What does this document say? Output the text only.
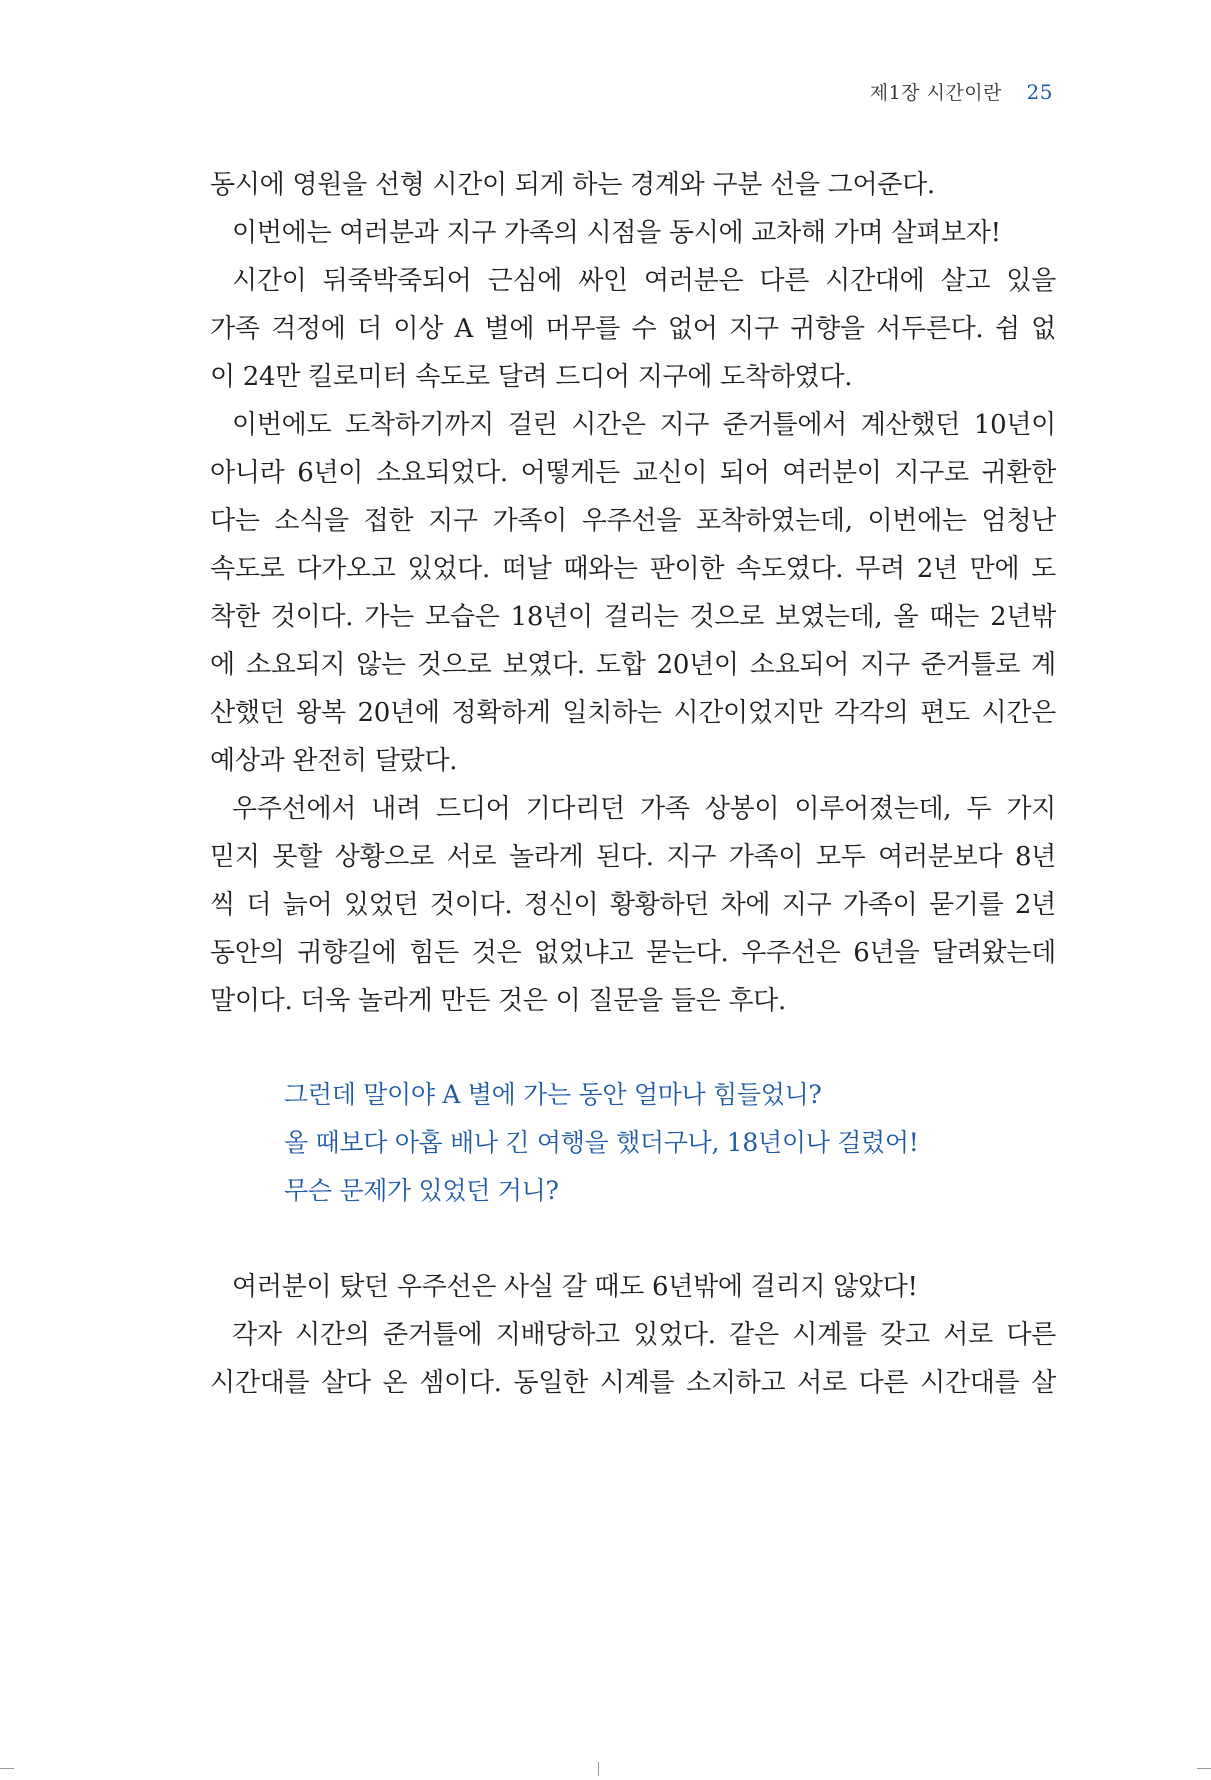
제1장 시간이란 25
동시에 영원을 선형 시간이 되게 하는 경계와 구분 선을 그어준다.
이번에는 여러분과 지구 가족의 시점을 동시에 교차해 가며 살펴보자!
시간이 뒤죽박죽되어 근심에 싸인 여러분은 다른 시간대에 살고 있을
가족 걱정에 더 이상 A 별에 머무를 수 없어 지구 귀향을 서두른다. 쉼 없
이 24만 킬로미터 속도로 달려 드디어 지구에 도착하였다.
이번에도 도착하기까지 걸린 시간은 지구 준거틀에서 계산했던 10년이
아니라 6년이 소요되었다. 어떻게든 교신이 되어 여러분이 지구로 귀환한
다는 소식을 접한 지구 가족이 우주선을 포착하였는데, 이번에는 엄청난
속도로 다가오고 있었다. 떠날 때와는 판이한 속도였다. 무려 2년 만에 도
착한 것이다. 가는 모습은 18년이 걸리는 것으로 보였는데, 올 때는 2년밖
에 소요되지 않는 것으로 보였다. 도합 20년이 소요되어 지구 준거틀로 계
산했던 왕복 20년에 정확하게 일치하는 시간이었지만 각각의 편도 시간은
예상과 완전히 달랐다.
우주선에서 내려 드디어 기다리던 가족 상봉이 이루어졌는데, 두 가지
믿지 못할 상황으로 서로 놀라게 된다. 지구 가족이 모두 여러분보다 8년
씩 더 늙어 있었던 것이다. 정신이 황황하던 차에 지구 가족이 묻기를 2년
동안의 귀향길에 힘든 것은 없었냐고 묻는다. 우주선은 6년을 달려왔는데
말이다. 더욱 놀라게 만든 것은 이 질문을 들은 후다.
그런데 말이야 A 별에 가는 동안 얼마나 힘들었니?
올 때보다 아홉 배나 긴 여행을 했더구나, 18년이나 걸렸어!
무슨 문제가 있었던 거니?
여러분이 탔던 우주선은 사실 갈 때도 6년밖에 걸리지 않았다!
각자 시간의 준거틀에 지배당하고 있었다. 같은 시계를 갖고 서로 다른
시간대를 살다 온 셈이다. 동일한 시계를 소지하고 서로 다른 시간대를 살
